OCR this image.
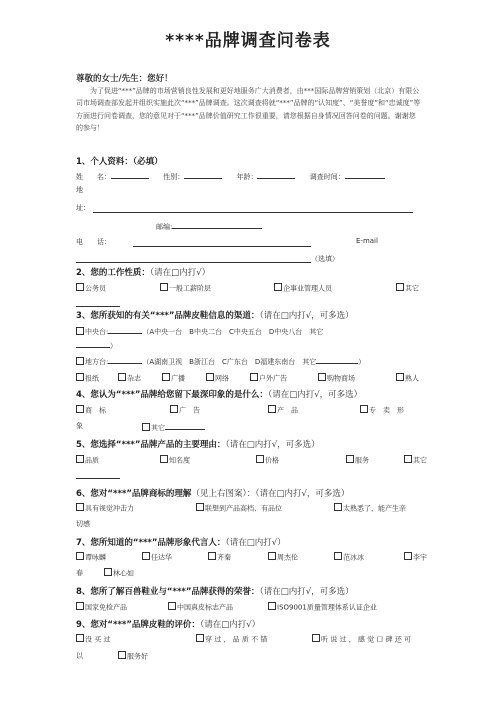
****品牌调查问卷表
尊敬的女士/先生：您好！
为了促进“***”品牌的市场营销良性发展和更好地服务广大消费者，由***国际品牌营销策划（北京）有限公司市场调查部发起并组织实施此次“***”品牌调查。这次调查将就“***”品牌的“认知度”、“美誉度”和“忠诚度”等方面进行问卷调查，您的意见对于“***”品牌价值研究工作很重要，请您根据自身情况回答问卷的问题。谢谢您的参与！
1、个人资料：（必填）
姓　　名：	性别：	年龄：	调查时间：
地
址：
邮编:
电　　话：	E-mail
（选填）
2、您的工作性质：（请在□内打√）
公务员	一般工薪阶层	企事业管理人员	其它
3、您所获知的有关“***”品牌皮鞋信息的渠道：（请在□内打√，可多选）
中央台:	（A中央一台　B中央二台　C中央五台　D中央八台　其它
）
地方台:	（A湖南卫视　B浙江台　C广东台　D福建东南台　其它	）
报纸	杂志	广播	网络	户外广告	购物商场	熟人
4、您认为“***”品牌给您留下最深印象的是什么：（请在□内打√，可多选）
商　标	广　告	产　品	专　卖　形
象	其它
5、您选择“***”品牌产品的主要理由：（请在□内打√，可多选）
品质	知名度	价格	服务	其它
6、您对“***”品牌商标的理解（见上右图案）：（请在□内打√，可多选）
具有视觉冲击力	联想到产品高档、有品位	太熟悉了，能产生亲
切感
7、您所知道的“***”品牌形象代言人：（请在□内打√）
谭咏麟	任达华	齐秦	周杰伦	范冰冰	李宇
春	林心如
8、您所了解百兽鞋业与“***”品牌获得的荣誉：（请在□内打√，可多选）
国家免检产品	中国真皮标志产品	ISO9001质量管理体系认证企业
9、您对“***”品牌皮鞋的评价：（请在□内打√）
没 买 过	穿 过 ， 品 质 不 错	听 说 过 ， 感 觉 口 碑 还 可
以	服务好
